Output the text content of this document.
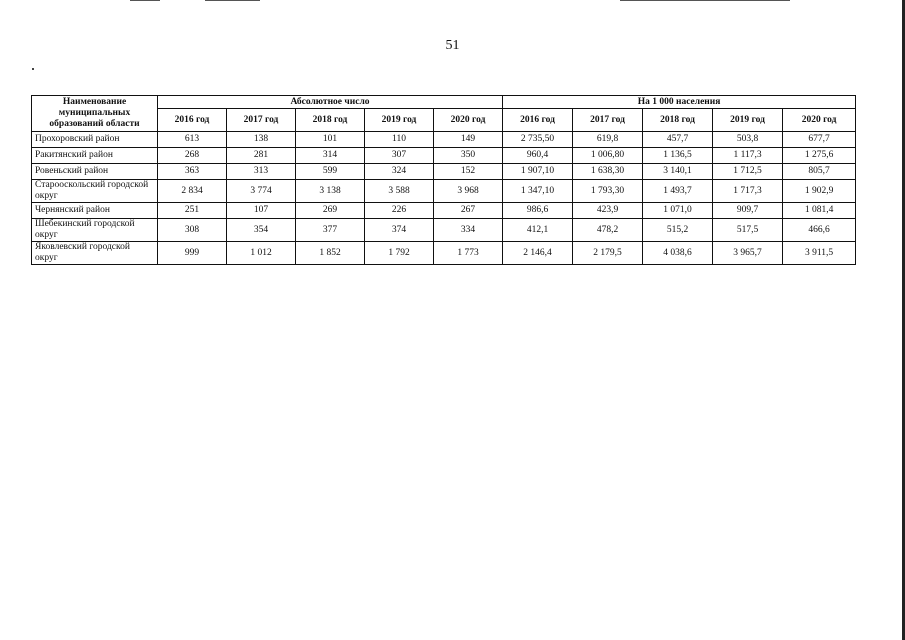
51
Наименование муниципальных образований области	Абсолютное число					На 1 000 населения				
	2016 год	2017 год	2018 год	2019 год	2020 год	2016 год	2017 год	2018 год	2019 год	2020 год
Прохоровский район	613	138	101	110	149	2 735,50	619,8	457,7	503,8	677,7
Ракитянский район	268	281	314	307	350	960,4	1 006,80	1 136,5	1 117,3	1 275,6
Ровеньский район	363	313	599	324	152	1 907,10	1 638,30	3 140,1	1 712,5	805,7
Старооскольский городской округ	2 834	3 774	3 138	3 588	3 968	1 347,10	1 793,30	1 493,7	1 717,3	1 902,9
Чернянский район	251	107	269	226	267	986,6	423,9	1 071,0	909,7	1 081,4
Шебекинский городской округ	308	354	377	374	334	412,1	478,2	515,2	517,5	466,6
Яковлевский городской округ	999	1 012	1 852	1 792	1 773	2 146,4	2 179,5	4 038,6	3 965,7	3 911,5
